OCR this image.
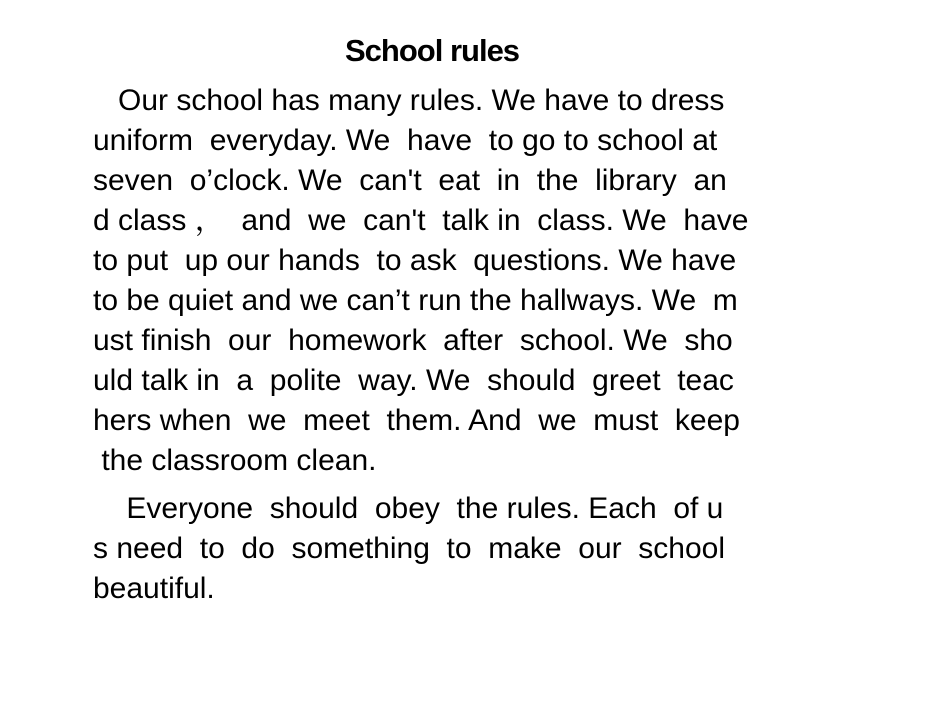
School rules
Our school has many rules. We have to dress
uniform  everyday. We  have  to go to school at
seven  o’clock. We  can't  eat  in  the  library  an
d class ，  and  we  can't  talk in  class. We  have
to put  up our hands  to ask  questions. We have
to be quiet and we can’t run the hallways. We  m
ust finish  our  homework  after  school. We  sho
uld talk in  a  polite  way. We  should  greet  teac
hers when  we  meet  them. And  we  must  keep
the classroom clean.
Everyone  should  obey  the rules. Each  of u
s need  to  do  something  to  make  our  school
beautiful.
